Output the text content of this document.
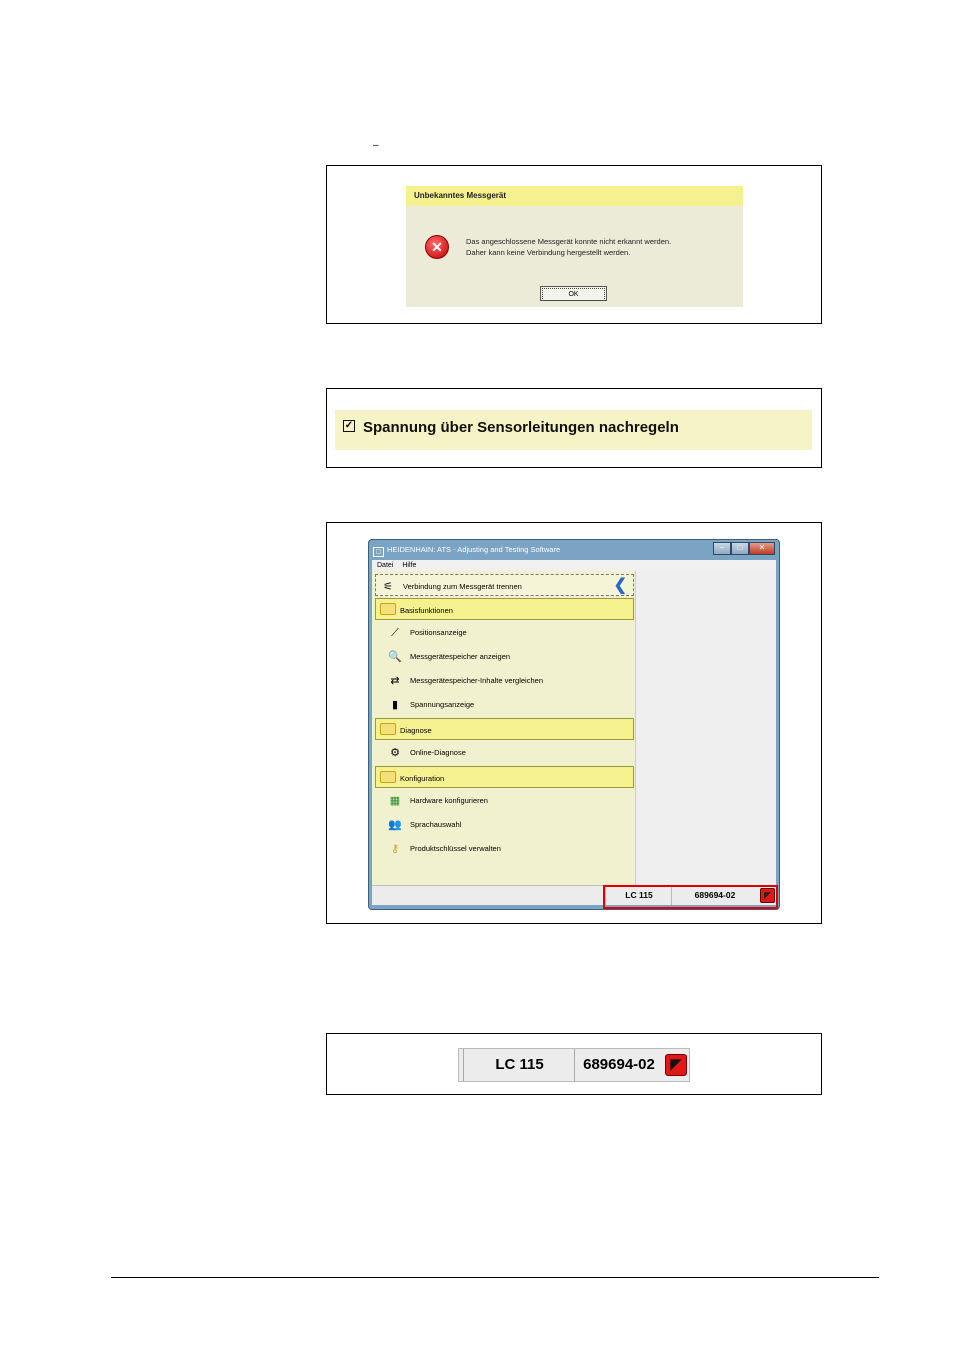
–
Unbekanntes Messgerät
✕	Das angeschlossene Messgerät konnte nicht erkannt werden.
Daher kann keine Verbindung hergestellt werden.
OK
✓ Spannung über Sensorleitungen nachregeln
▢ HEIDENHAIN: ATS - Adjusting and Testing Software	–	□	✕
Datei Hilfe
⚟ Verbindung zum Messgerät trennen	❮
Basisfunktionen
⟋ Positionsanzeige
🔍 Messgerätespeicher anzeigen
⇄ Messgerätespeicher-Inhalte vergleichen
▮ Spannungsanzeige
Diagnose
⚙ Online-Diagnose
Konfiguration
▦ Hardware konfigurieren
👥 Sprachauswahl
⚷ Produktschlüssel verwalten
LC 115	689694-02	◤
LC 115	689694-02	◤
